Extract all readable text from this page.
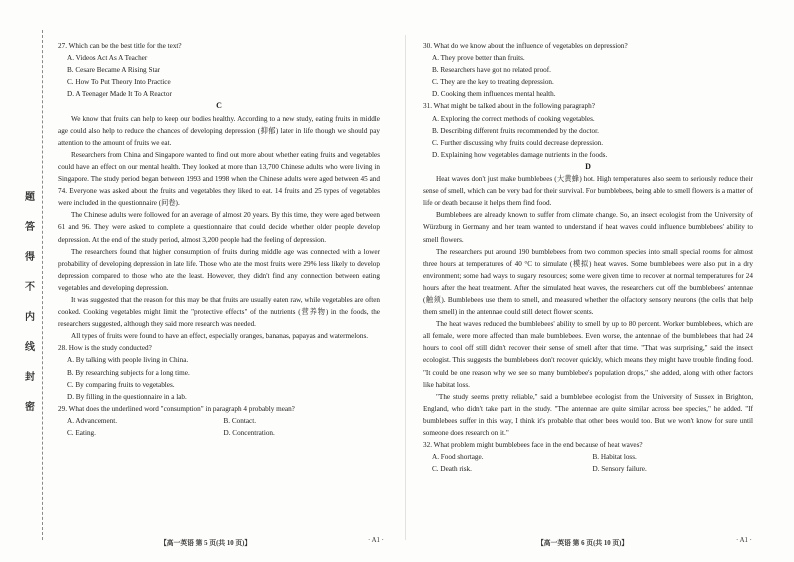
题
答
得
不
内
线
封
密

27. Which can be the best title for the text?

A. Videos Act As A Teacher

B. Cesare Became A Rising Star

C. How To Put Theory Into Practice

D. A Teenager Made It To A Reactor

C

We know that fruits can help to keep our bodies healthy. According to a new study, eating fruits in middle age could also help to reduce the chances of developing depression (抑郁) later in life though we should pay attention to the amount of fruits we eat.

Researchers from China and Singapore wanted to find out more about whether eating fruits and vegetables could have an effect on our mental health. They looked at more than 13,700 Chinese adults who were living in Singapore. The study period began between 1993 and 1998 when the Chinese adults were aged between 45 and 74. Everyone was asked about the fruits and vegetables they liked to eat. 14 fruits and 25 types of vegetables were included in the questionnaire (问卷).

The Chinese adults were followed for an average of almost 20 years. By this time, they were aged between 61 and 96. They were asked to complete a questionnaire that could decide whether older people develop depression. At the end of the study period, almost 3,200 people had the feeling of depression.

The researchers found that higher consumption of fruits during middle age was connected with a lower probability of developing depression in late life. Those who ate the most fruits were 29% less likely to develop depression compared to those who ate the least. However, they didn't find any connection between eating vegetables and developing depression.

It was suggested that the reason for this may be that fruits are usually eaten raw, while vegetables are often cooked. Cooking vegetables might limit the "protective effects" of the nutrients (营养物) in the foods, the researchers suggested, although they said more research was needed.

All types of fruits were found to have an effect, especially oranges, bananas, papayas and watermelons.

28. How is the study conducted?

A. By talking with people living in China.

B. By researching subjects for a long time.

C. By comparing fruits to vegetables.

D. By filling in the questionnaire in a lab.

29. What does the underlined word "consumption" in paragraph 4 probably mean?

A. Advancement.	B. Contact.
C. Eating.	D. Concentration.

30. What do we know about the influence of vegetables on depression?

A. They prove better than fruits.

B. Researchers have got no related proof.

C. They are the key to treating depression.

D. Cooking them influences mental health.

31. What might be talked about in the following paragraph?

A. Exploring the correct methods of cooking vegetables.

B. Describing different fruits recommended by the doctor.

C. Further discussing why fruits could decrease depression.

D. Explaining how vegetables damage nutrients in the foods.

D

Heat waves don't just make bumblebees (大黄蜂) hot. High temperatures also seem to seriously reduce their sense of smell, which can be very bad for their survival. For bumblebees, being able to smell flowers is a matter of life or death because it helps them find food.

Bumblebees are already known to suffer from climate change. So, an insect ecologist from the University of Würzburg in Germany and her team wanted to understand if heat waves could influence bumblebees' ability to smell flowers.

The researchers put around 190 bumblebees from two common species into small special rooms for almost three hours at temperatures of 40 °C to simulate (模拟) heat waves. Some bumblebees were also put in a dry environment; some had ways to sugary resources; some were given time to recover at normal temperatures for 24 hours after the heat treatment. After the simulated heat waves, the researchers cut off the bumblebees' antennae (触须). Bumblebees use them to smell, and measured whether the olfactory sensory neurons (the cells that help them smell) in the antennae could still detect flower scents.

The heat waves reduced the bumblebees' ability to smell by up to 80 percent. Worker bumblebees, which are all female, were more affected than male bumblebees. Even worse, the antennae of the bumblebees that had 24 hours to cool off still didn't recover their sense of smell after that time. "That was surprising," said the insect ecologist. This suggests the bumblebees don't recover quickly, which means they might have trouble finding food. "It could be one reason why we see so many bumblebee's population drops," she added, along with other factors like habitat loss.

"The study seems pretty reliable," said a bumblebee ecologist from the University of Sussex in Brighton, England, who didn't take part in the study. "The antennae are quite similar across bee species," he added. "If bumblebees suffer in this way, I think it's probable that other bees would too. But we won't know for sure until someone does research on it."

32. What problem might bumblebees face in the end because of heat waves?

A. Food shortage.	B. Habitat loss.
C. Death risk.	D. Sensory failure.
【高一英语 第 5 页(共 10 页)】	· A1 ·	【高一英语 第 6 页(共 10 页)】	· A1 ·
